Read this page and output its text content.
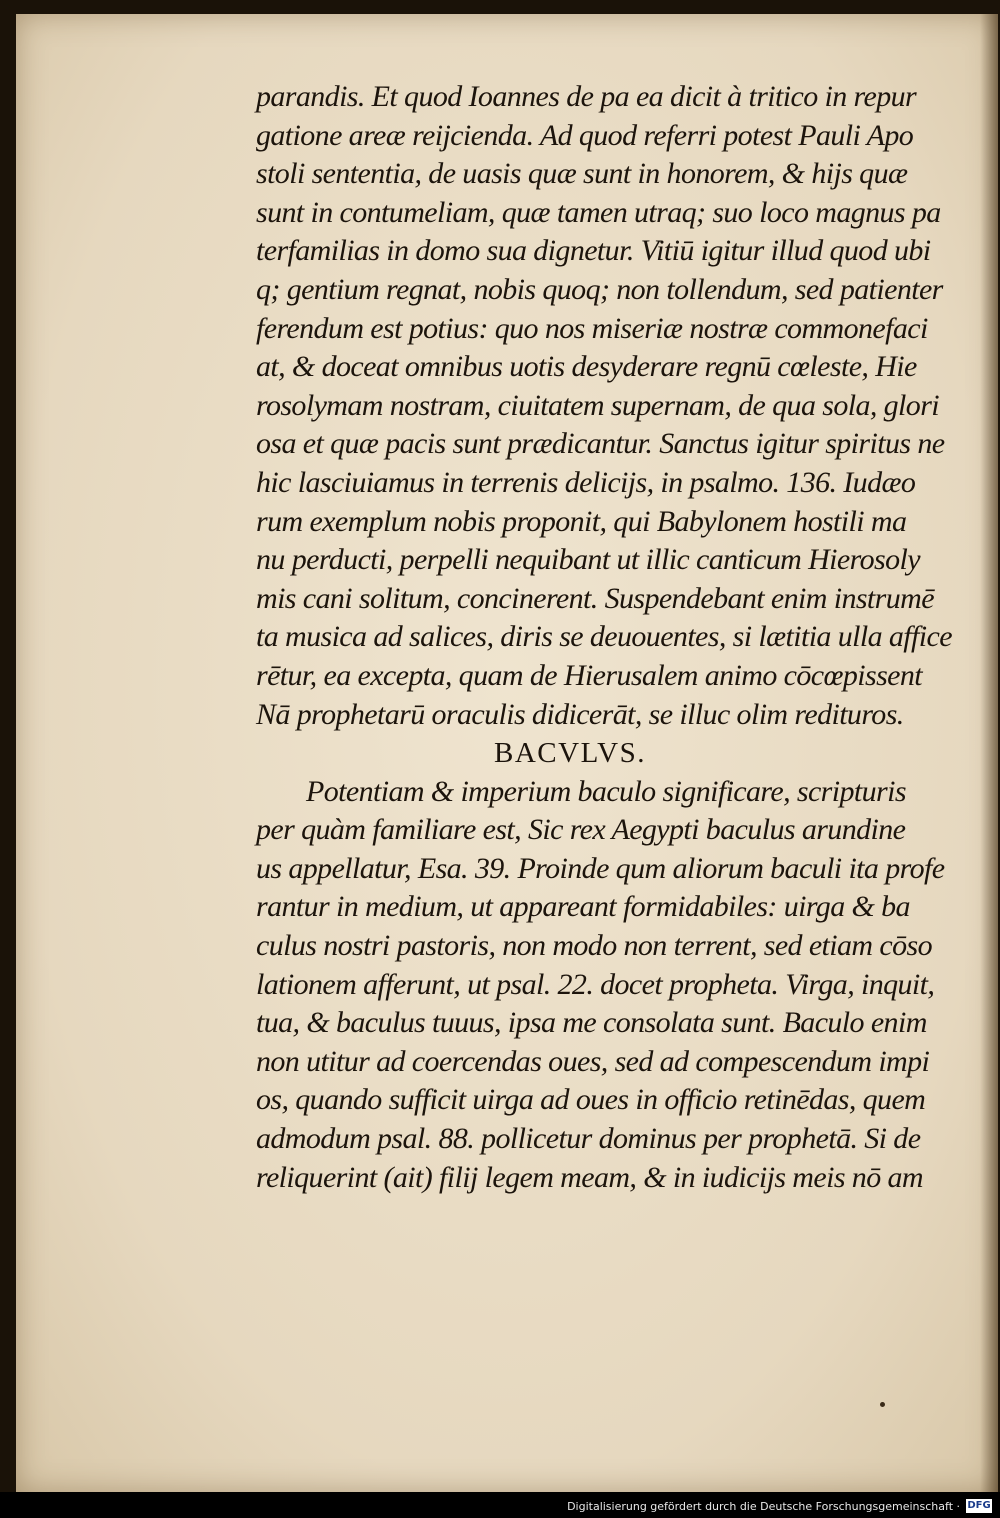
parandis. Et quod Ioannes de pa ea dicit à tritico in repur
gatione areæ reijcienda. Ad quod referri potest Pauli Apo
stoli sententia, de uasis quæ sunt in honorem, & hijs quæ
sunt in contumeliam, quæ tamen utraq; suo loco magnus pa
terfamilias in domo sua dignetur. Vitiū igitur illud quod ubi
q; gentium regnat, nobis quoq; non tollendum, sed patienter
ferendum est potius: quo nos miseriæ nostræ commonefaci
at, & doceat omnibus uotis desyderare regnū cœleste, Hie
rosolymam nostram, ciuitatem supernam, de qua sola, glori
osa et quæ pacis sunt prædicantur. Sanctus igitur spiritus ne
hic lasciuiamus in terrenis delicijs, in psalmo. 136. Iudæo
rum exemplum nobis proponit, qui Babylonem hostili ma
nu perducti, perpelli nequibant ut illic canticum Hierosoly
mis cani solitum, concinerent. Suspendebant enim instrumē
ta musica ad salices, diris se deuouentes, si lætitia ulla affice
rētur, ea excepta, quam de Hierusalem animo cōcœpissent
Nā prophetarū oraculis didicerāt, se illuc olim redituros.
BACVLVS.
Potentiam & imperium baculo significare, scripturis
per quàm familiare est, Sic rex Aegypti baculus arundine
us appellatur, Esa. 39. Proinde qum aliorum baculi ita profe
rantur in medium, ut appareant formidabiles: uirga & ba
culus nostri pastoris, non modo non terrent, sed etiam cōso
lationem afferunt, ut psal. 22. docet propheta. Virga, inquit,
tua, & baculus tuuus, ipsa me consolata sunt. Baculo enim
non utitur ad coercendas oues, sed ad compescendum impi
os, quando sufficit uirga ad oues in officio retinēdas, quem
admodum psal. 88. pollicetur dominus per prophetā. Si de
reliquerint (ait) filij legem meam, & in iudicijs meis nō am
Digitalisierung gefördert durch die Deutsche Forschungsgemeinschaft · DFG
